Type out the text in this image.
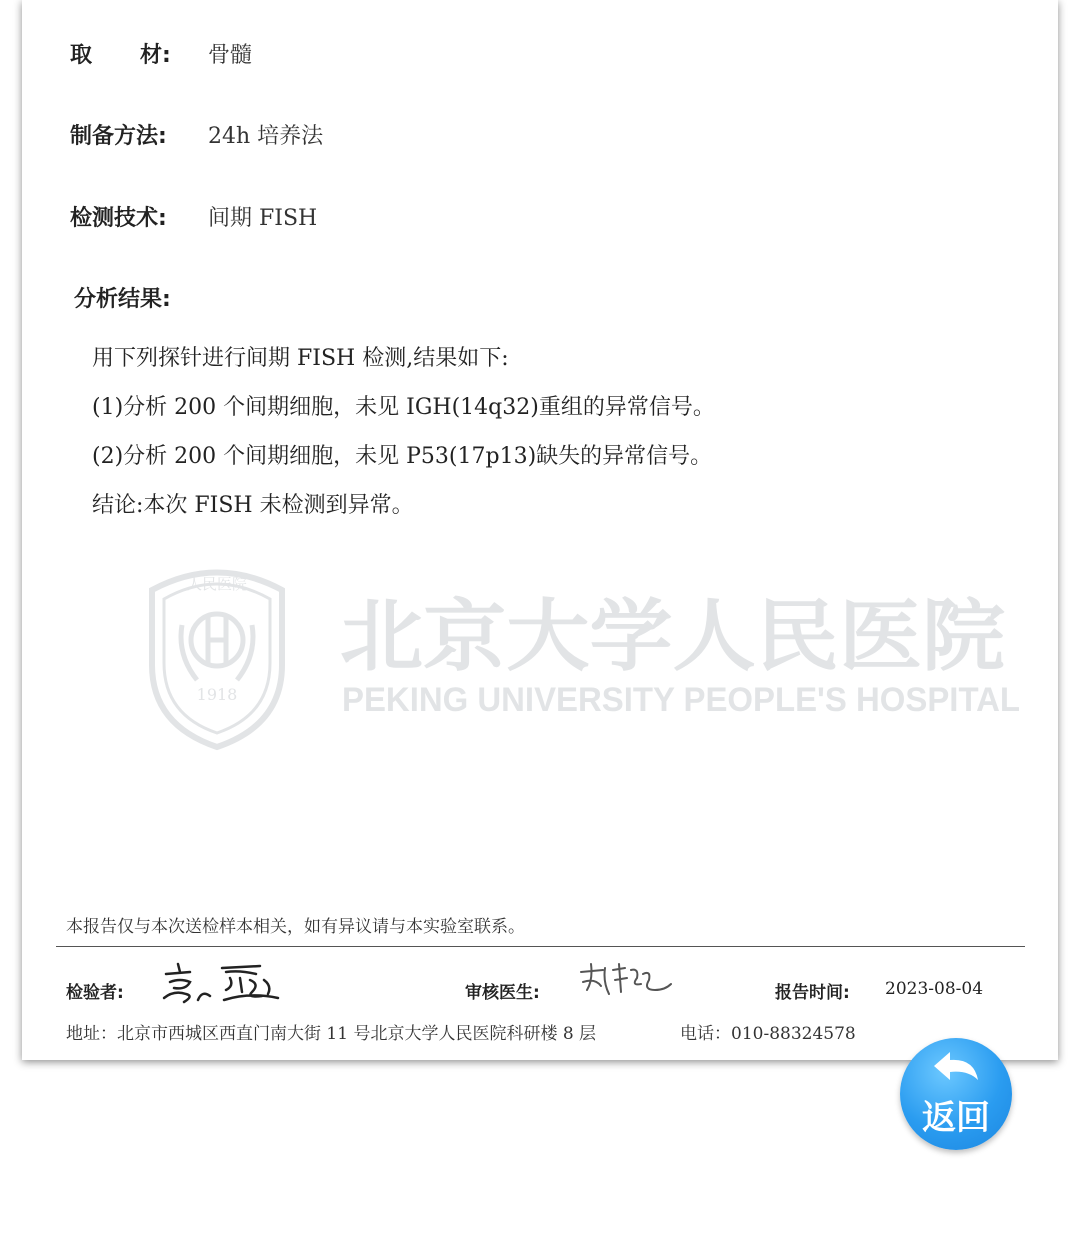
取 材:	骨髓
制备方法:	24h 培养法
检测技术:	间期 FISH
分析结果:
用下列探针进行间期 FISH 检测,结果如下:
(1)分析 200 个间期细胞，未见 IGH(14q32)重组的异常信号。
(2)分析 200 个间期细胞，未见 P53(17p13)缺失的异常信号。
结论:本次 FISH 未检测到异常。
人民医院
1918
北京大学人民医院
PEKING UNIVERSITY PEOPLE'S HOSPITAL
本报告仅与本次送检样本相关，如有异议请与本实验室联系。
检验者:	审核医生:	报告时间: 2023-08-04
地址：北京市西城区西直门南大街 11 号北京大学人民医院科研楼 8 层	电话：010-88324578
返回
